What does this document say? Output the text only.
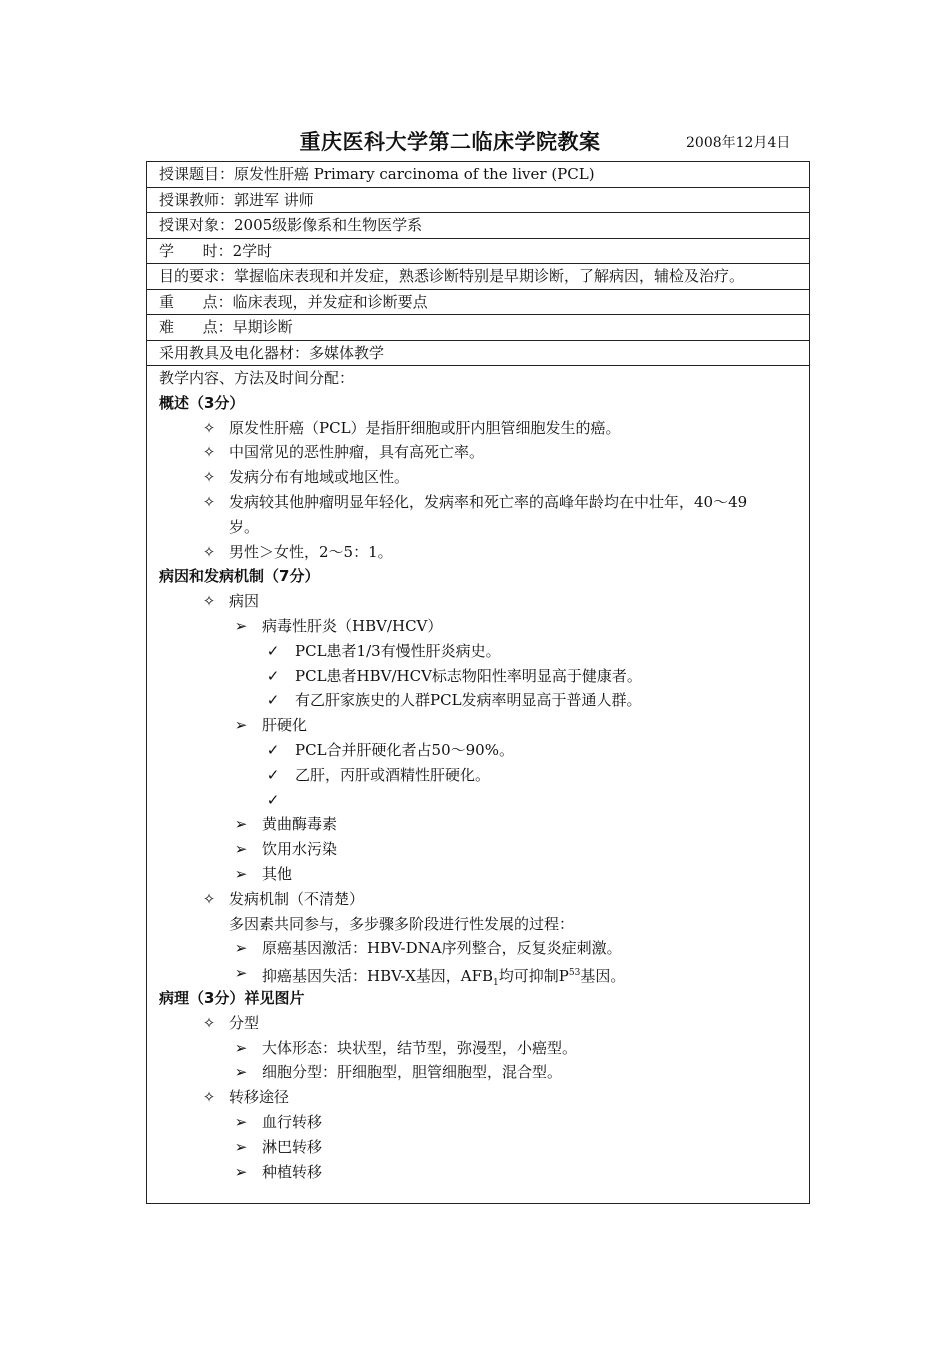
重庆医科大学第二临床学院教案	2008年12月4日
授课题目：原发性肝癌 Primary carcinoma of the liver (PCL)
授课教师：郭进军 讲师
授课对象：2005级影像系和生物医学系
学      时：2学时
目的要求：掌握临床表现和并发症，熟悉诊断特别是早期诊断，了解病因，辅检及治疗。
重      点：临床表现，并发症和诊断要点
难      点：早期诊断
采用教具及电化器材：多媒体教学
教学内容、方法及时间分配：
概述（3分）
✧ 原发性肝癌（PCL）是指肝细胞或肝内胆管细胞发生的癌。
✧ 中国常见的恶性肿瘤，具有高死亡率。
✧ 发病分布有地域或地区性。
✧ 发病较其他肿瘤明显年轻化，发病率和死亡率的高峰年龄均在中壮年，40～49
岁。
✧ 男性＞女性，2～5：1。
病因和发病机制（7分）
✧ 病因
➢ 病毒性肝炎（HBV/HCV）
✓ PCL患者1/3有慢性肝炎病史。
✓ PCL患者HBV/HCV标志物阳性率明显高于健康者。
✓ 有乙肝家族史的人群PCL发病率明显高于普通人群。
➢ 肝硬化
✓ PCL合并肝硬化者占50～90%。
✓ 乙肝，丙肝或酒精性肝硬化。
✓
➢ 黄曲酶毒素
➢ 饮用水污染
➢ 其他
✧ 发病机制（不清楚）
多因素共同参与，多步骤多阶段进行性发展的过程：
➢ 原癌基因激活：HBV-DNA序列整合，反复炎症刺激。
➢ 抑癌基因失活：HBV-X基因，$AFB_1$均可抑制$P^{53}$基因。
病理（3分）祥见图片
✧ 分型
➢ 大体形态：块状型，结节型，弥漫型，小癌型。
➢ 细胞分型：肝细胞型，胆管细胞型，混合型。
✧ 转移途径
➢ 血行转移
➢ 淋巴转移
➢ 种植转移
